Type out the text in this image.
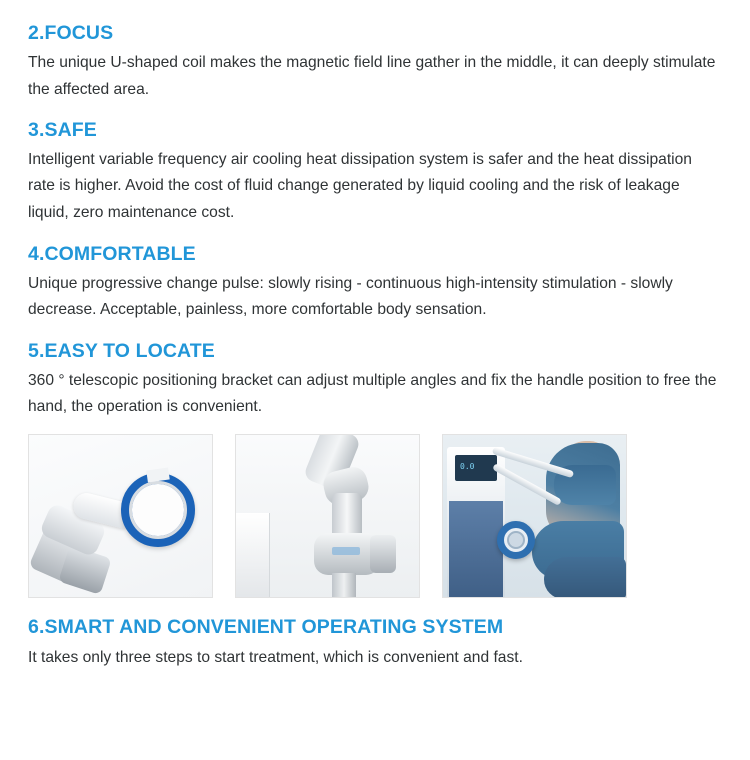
2.FOCUS

The unique U-shaped coil makes the magnetic field line gather in the middle, it can deeply stimulate the affected area.

3.SAFE

Intelligent variable frequency air cooling heat dissipation system is safer and the heat dissipation rate is higher. Avoid the cost of fluid change generated by liquid cooling and the risk of leakage liquid, zero maintenance cost.

4.COMFORTABLE

Unique progressive change pulse: slowly rising - continuous high-intensity stimulation - slowly decrease. Acceptable, painless, more comfortable body sensation.

5.EASY TO LOCATE

360 ° telescopic positioning bracket can adjust multiple angles and fix the handle position to free the hand, the operation is convenient.

0.0
6.SMART AND CONVENIENT OPERATING SYSTEM

It takes only three steps to start treatment, which is convenient and fast.
